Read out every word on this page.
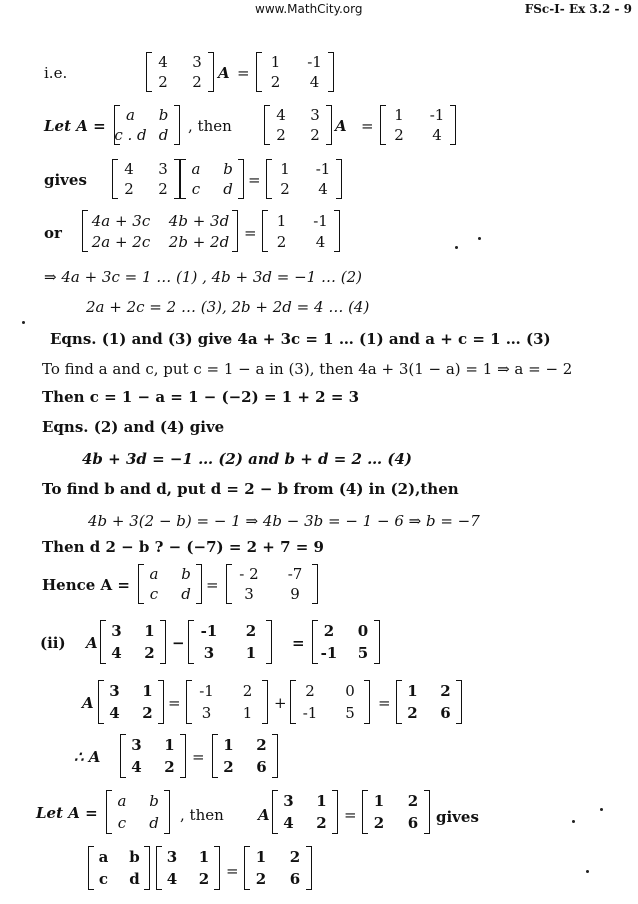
www.MathCity.org	FSc-I- Ex 3.2 - 9
i.e.
4 3
2 2 A =
1 -1
2 4
Let A =
a b
c . d d , then
4 3
2 2 A =
1 -1
2 4
gives
4 3
2 2
a b
c d =
1 -1
2 4
or
4a + 3c 4b + 3d
2a + 2c 2b + 2d =
1 -1
2 4
⇒ 4a + 3c = 1 … (1) , 4b + 3d = −1 … (2)
2a + 2c = 2 … (3), 2b + 2d = 4 … (4)
Eqns. (1) and (3) give 4a + 3c = 1 … (1) and a + c = 1 … (3)
To find a and c, put c = 1 − a in (3), then 4a + 3(1 − a) = 1 ⇒ a = − 2
Then c = 1 − a = 1 − (−2) = 1 + 2 = 3
Eqns. (2) and (4) give
4b + 3d = −1 … (2) and b + d = 2 … (4)
To find b and d, put d = 2 − b from (4) in (2),then
4b + 3(2 − b) = − 1 ⇒ 4b − 3b = − 1 − 6 ⇒ b = −7
Then d 2 − b ? − (−7) = 2 + 7 = 9
Hence A =
a b
c d =
- 2 -7
3 9
(ii) A
3 1
4 2
−
-1 2
3 1
=
2 0
-1 5
A
3 1
4 2
=
-1 2
3 1
+
2 0
-1 5
=
1 2
2 6
∴ A
3 1
4 2
=
1 2
2 6
Let A =
a b
c d , then A
3 1
4 2 =
1 2
2 6 gives
a b
c d
3 1
4 2 =
1 2
2 6
